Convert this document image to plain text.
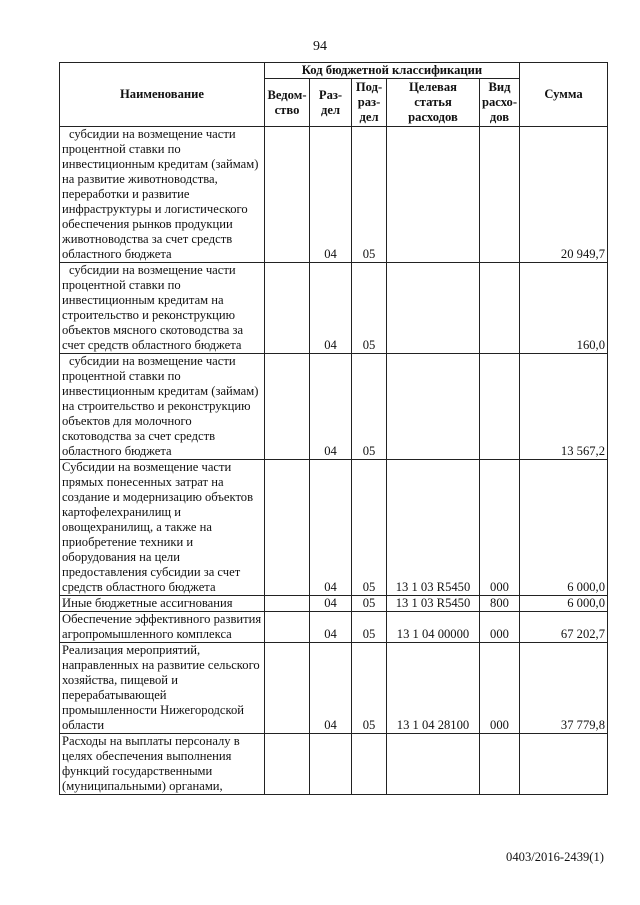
94
Наименование	Код бюджетной классификации					Сумма
	Ведом-ство	Раз-дел	Под-раз-дел	Целевая статья расходов	Вид расхо-дов	
субсидии на возмещение части процентной ставки по инвестиционным кредитам (займам) на развитие животноводства, переработки и развитие инфраструктуры и логистического обеспечения рынков продукции животноводства за счет средств областного бюджета		04	05			20 949,7
субсидии на возмещение части процентной ставки по инвестиционным кредитам на строительство и реконструкцию объектов мясного скотоводства за счет средств областного бюджета		04	05			160,0
субсидии на возмещение части процентной ставки по инвестиционным кредитам (займам) на строительство и реконструкцию объектов для молочного скотоводства за счет средств областного бюджета		04	05			13 567,2
Субсидии на возмещение части прямых понесенных затрат на создание и модернизацию объектов картофелехранилищ и овощехранилищ, а также на приобретение техники и оборудования на цели предоставления субсидии за счет средств областного бюджета		04	05	13 1 03 R5450	000	6 000,0
Иные бюджетные ассигнования		04	05	13 1 03 R5450	800	6 000,0
Обеспечение эффективного развития агропромышленного комплекса		04	05	13 1 04 00000	000	67 202,7
Реализация мероприятий, направленных на развитие сельского хозяйства, пищевой и перерабатывающей промышленности Нижегородской области		04	05	13 1 04 28100	000	37 779,8
Расходы на выплаты персоналу в целях обеспечения выполнения функций государственными (муниципальными) органами,						
0403/2016-2439(1)
